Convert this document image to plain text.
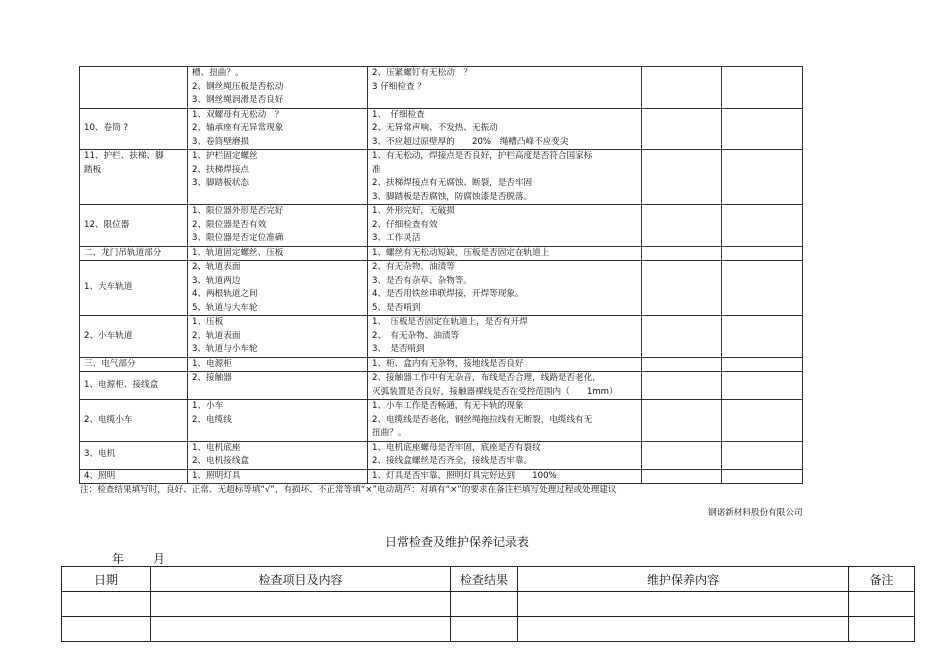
	槽、扭曲？。
2、钢丝绳压板是否松动
3、钢丝绳润滑是否良好	2、压紧螺钉有无松动　？
3 仔细检查 ？		

10、卷筒 ?	1、双螺母有无松动　？
2、轴承座有无异常现象
3、卷筒壁磨损	1、　仔细检查
2、无异常声响、不发热、无振动
3、不应超过原壁厚的　　20%　绳槽凸峰不应变尖		

11、护栏、扶梯、脚
踏板	1、护栏固定螺丝
2、扶梯焊接点
3、脚踏板状态	1、有无松动，焊接点是否良好，护栏高度是否符合国家标
准
2、扶梯焊接点有无腐蚀、断裂，是否牢固
3、脚踏板是否腐蚀，防腐蚀漆是否脱落。		

12、限位器	1、限位器外形是否完好
2、限位器是否有效
3、限位器是否定位准确	1、外形完好，无破损
2、仔细检查有效
3、工作灵活		

二、龙门吊轨道部分	1、轨道固定螺丝、压板	1、螺丝有无松动短缺，压板是否固定在轨道上		

1、大车轨道	2、轨道表面
3、轨道两边
4、两根轨道之间
5、轨道与大车轮	2、有无杂物、油渍等
3、是否有杂草、杂物等。
4、是否用铁丝串联焊接，开焊等现象。
5、是否啃到		

2、小车轨道	1、压板
2、轨道表面
3、轨道与小车轮	1、　压板是否固定在轨道上，是否有开焊
2、　有无杂物、油渍等
3、　是否啃到		

三、电气部分	1、电源柜	1、柜、盒内有无杂物，接地线是否良好		

1、电源柜、接线盒	2、接触器	2、接触器工作中有无杂音，布线是否合理，线路是否老化，
灭弧装置是否良好，接触器裸线是否在受控范围内（　　1mm）		

2、电缆小车	1、小车
2、电缆线	1、小车工作是否畅通，有无卡轨的现象
2、电缆线是否老化，钢丝绳拖拉线有无断裂，电缆线有无
扭曲？。		

3、电机	1、电机底座
2、电机接线盒	1、电机底座螺母是否牢固，底座是否有裂纹
2、接线盒螺丝是否齐全，接线是否牢靠。		

4、照明	1、照明灯具	1、灯具是否牢靠，照明灯具完好达到　　100%		

注：检查结果填写时，良好、正常、无超标等填“√”，有损坏、不正常等填“×”电动葫芦：对填有“×”的要求在备注栏填写处理过程或处理建议
钢诺新材料股份有限公司
日常检查及维护保养记录表
年 月
日期	检查项目及内容	检查结果	维护保养内容	备注
